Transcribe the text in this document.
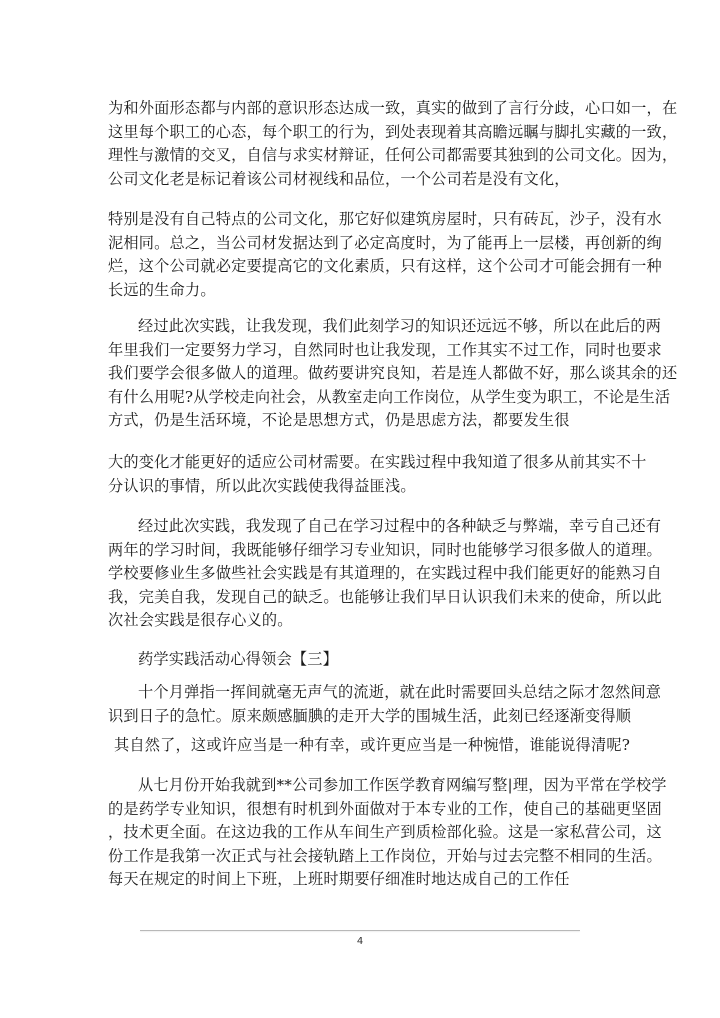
为和外面形态都与内部的意识形态达成一致，真实的做到了言行分歧，心口如一，在
这里每个职工的心态，每个职工的行为，到处表现着其高瞻远瞩与脚扎实藏的一致，
理性与激情的交叉，自信与求实材辩证，任何公司都需要其独到的公司文化。因为，
公司文化老是标记着该公司材视线和品位，一个公司若是没有文化，
特别是没有自己特点的公司文化，那它好似建筑房屋时，只有砖瓦，沙子，没有水
泥相同。总之，当公司材发据达到了必定高度时，为了能再上一层楼，再创新的绚
烂，这个公司就必定要提高它的文化素质，只有这样，这个公司才可能会拥有一种
长远的生命力。
经过此次实践，让我发现，我们此刻学习的知识还远远不够，所以在此后的两
年里我们一定要努力学习，自然同时也让我发现，工作其实不过工作，同时也要求
我们要学会很多做人的道理。做药要讲究良知，若是连人都做不好，那么谈其余的还
有什么用呢?从学校走向社会，从教室走向工作岗位，从学生变为职工，不论是生活
方式，仍是生活环境，不论是思想方式，仍是思虑方法，都要发生很
大的变化才能更好的适应公司材需要。在实践过程中我知道了很多从前其实不十
分认识的事情，所以此次实践使我得益匪浅。
经过此次实践，我发现了自己在学习过程中的各种缺乏与弊端，幸亏自己还有
两年的学习时间，我既能够仔细学习专业知识，同时也能够学习很多做人的道理。
学校要修业生多做些社会实践是有其道理的，在实践过程中我们能更好的能熟习自
我，完美自我，发现自己的缺乏。也能够让我们早日认识我们未来的使命，所以此
次社会实践是很存心义的。
药学实践活动心得领会【三】
十个月弹指一挥间就毫无声气的流逝，就在此时需要回头总结之际才忽然间意
识到日子的急忙。原来颇感腼腆的走开大学的围城生活，此刻已经逐渐变得顺
其自然了，这或许应当是一种有幸，或许更应当是一种惋惜，谁能说得清呢?
从七月份开始我就到**公司参加工作医学教育网编写整|理，因为平常在学校学
的是药学专业知识，很想有时机到外面做对于本专业的工作，使自己的基础更坚固
，技术更全面。在这边我的工作从车间生产到质检部化验。这是一家私营公司，这
份工作是我第一次正式与社会接轨踏上工作岗位，开始与过去完整不相同的生活。
每天在规定的时间上下班，上班时期要仔细准时地达成自己的工作任
4
